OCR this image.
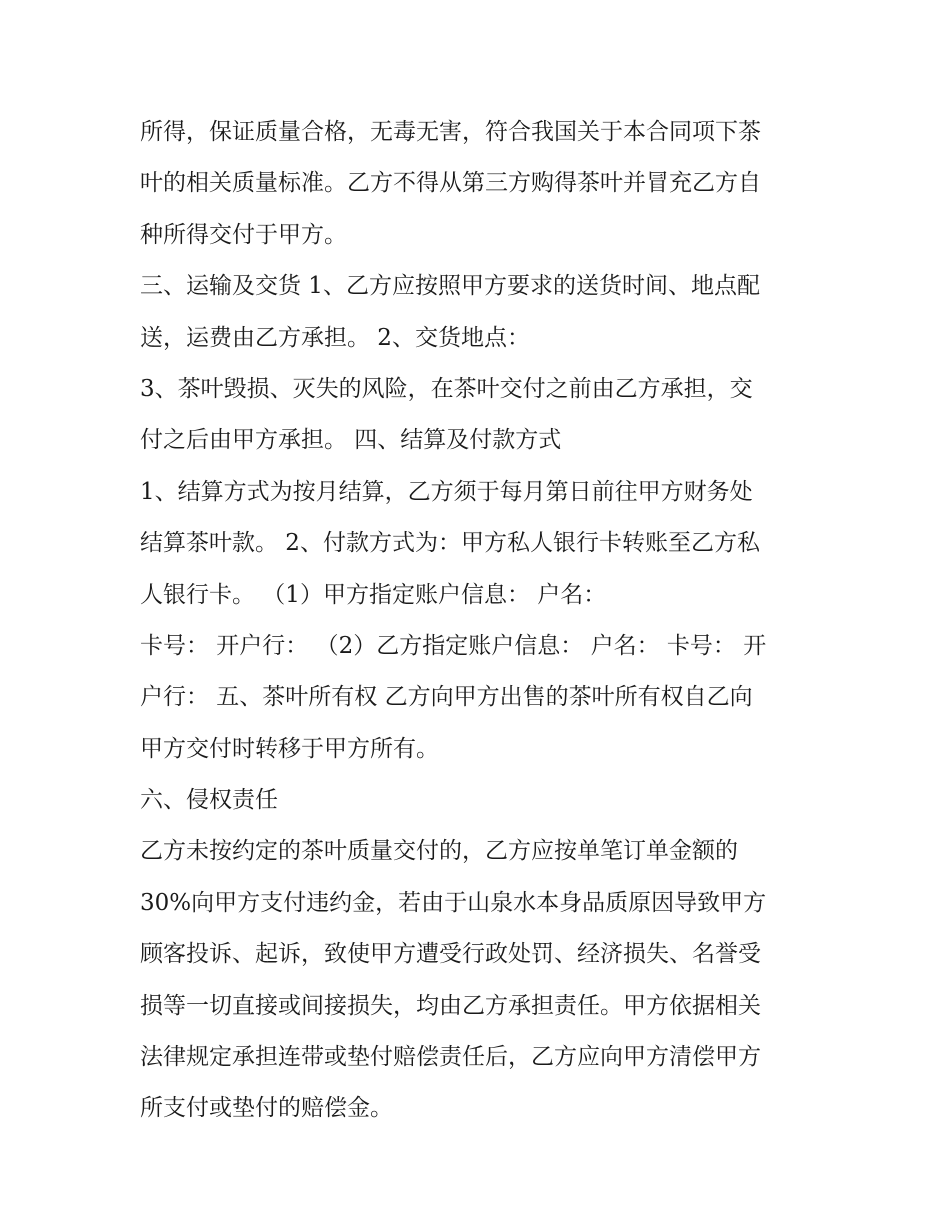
所得，保证质量合格，无毒无害，符合我国关于本合同项下茶
叶的相关质量标准。乙方不得从第三方购得茶叶并冒充乙方自
种所得交付于甲方。
三、运输及交货 1、乙方应按照甲方要求的送货时间、地点配
送，运费由乙方承担。 2、交货地点：
3、茶叶毁损、灭失的风险，在茶叶交付之前由乙方承担，交
付之后由甲方承担。 四、结算及付款方式
1、结算方式为按月结算，乙方须于每月第日前往甲方财务处
结算茶叶款。 2、付款方式为：甲方私人银行卡转账至乙方私
人银行卡。 （1）甲方指定账户信息： 户名：
卡号： 开户行： （2）乙方指定账户信息： 户名： 卡号： 开
户行： 五、茶叶所有权 乙方向甲方出售的茶叶所有权自乙向
甲方交付时转移于甲方所有。
六、侵权责任
乙方未按约定的茶叶质量交付的，乙方应按单笔订单金额的
30%向甲方支付违约金，若由于山泉水本身品质原因导致甲方
顾客投诉、起诉，致使甲方遭受行政处罚、经济损失、名誉受
损等一切直接或间接损失，均由乙方承担责任。甲方依据相关
法律规定承担连带或垫付赔偿责任后，乙方应向甲方清偿甲方
所支付或垫付的赔偿金。
